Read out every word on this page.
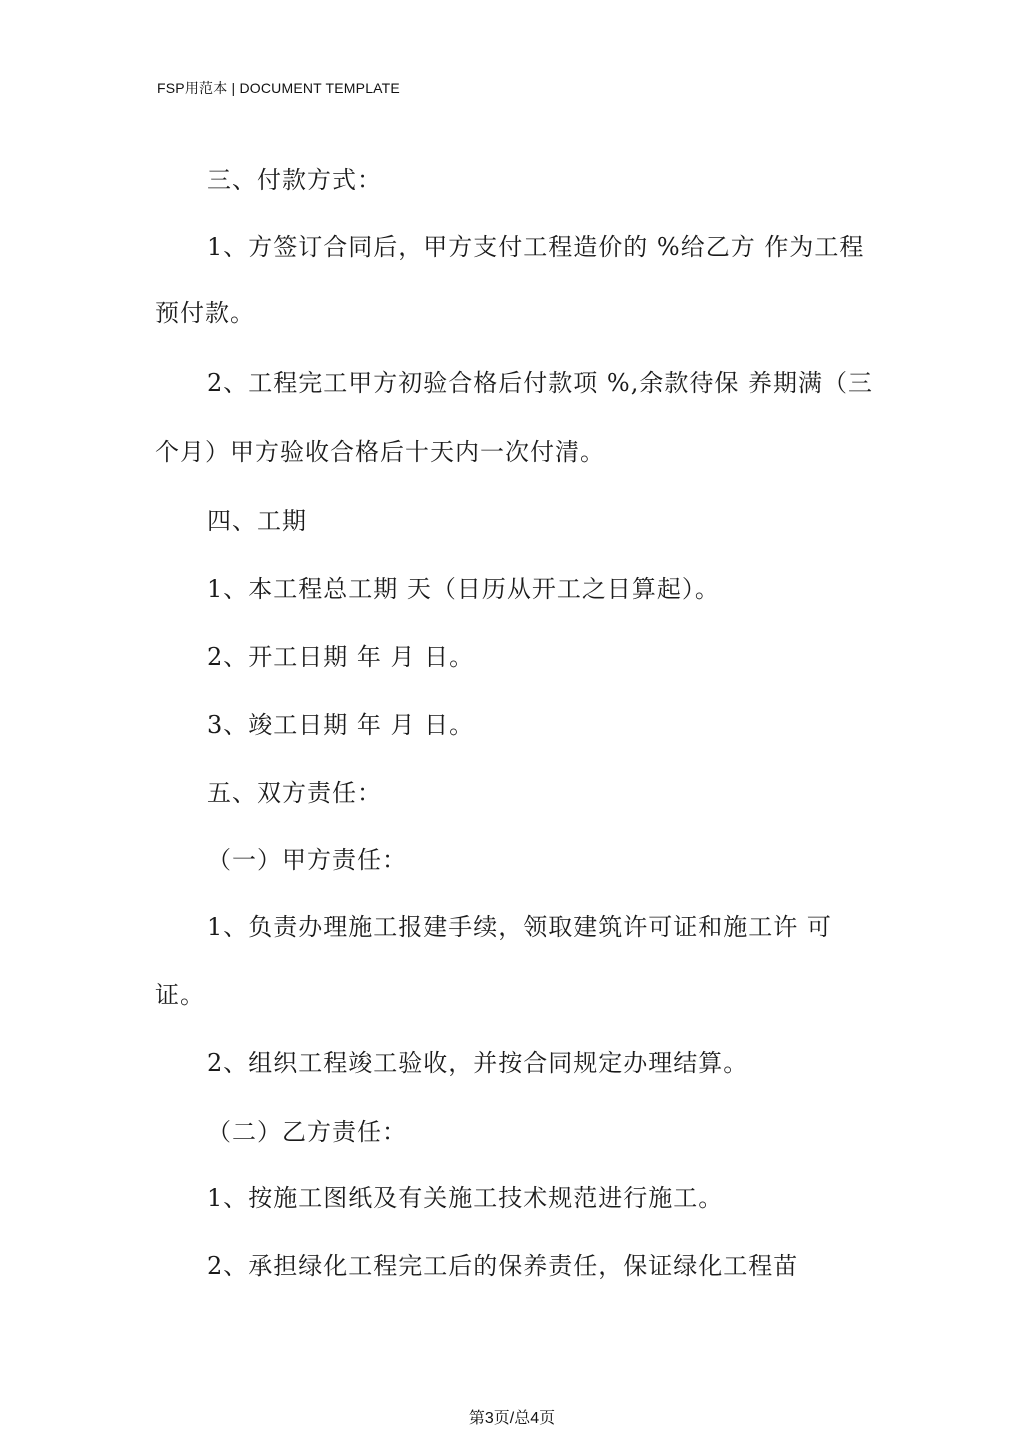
FSP用范本 | DOCUMENT TEMPLATE
三、付款方式：
1、方签订合同后，甲方支付工程造价的 %给乙方 作为工程
预付款。
2、工程完工甲方初验合格后付款项 %,余款待保 养期满（三
个月）甲方验收合格后十天内一次付清。
四、工期
1、本工程总工期 天（日历从开工之日算起）。
2、开工日期 年 月 日。
3、竣工日期 年 月 日。
五、双方责任：
（一）甲方责任：
1、负责办理施工报建手续，领取建筑许可证和施工许 可
证。
2、组织工程竣工验收，并按合同规定办理结算。
（二）乙方责任：
1、按施工图纸及有关施工技术规范进行施工。
2、承担绿化工程完工后的保养责任，保证绿化工程苗
第3页/总4页
